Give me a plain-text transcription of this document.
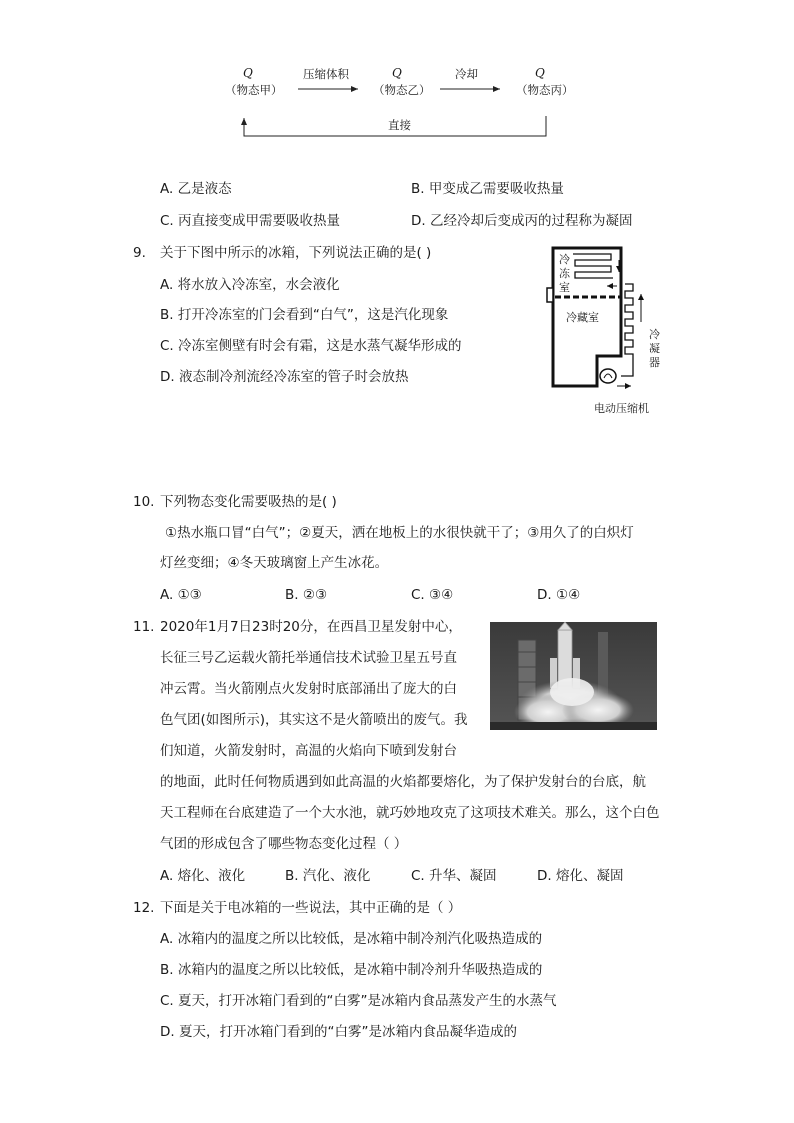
Q
（物态甲）
压缩体积	Q
（物态乙）
冷却	Q
（物态丙）
直接
A. 乙是液态	B. 甲变成乙需要吸收热量
C. 丙直接变成甲需要吸收热量	D. 乙经冷却后变成丙的过程称为凝固
9. 关于下图中所示的冰箱，下列说法正确的是( )
A. 将水放入冷冻室，水会液化
B. 打开冷冻室的门会看到“白气”，这是汽化现象
C. 冷冻室侧壁有时会有霜，这是水蒸气凝华形成的
D. 液态制冷剂流经冷冻室的管子时会放热
冷
冻
室
冷藏室
冷
凝
器
电动压缩机
10. 下列物态变化需要吸热的是( )
①热水瓶口冒“白气”；②夏天，洒在地板上的水很快就干了；③用久了的白炽灯
灯丝变细；④冬天玻璃窗上产生冰花。
A. ①③	B. ②③	C. ③④	D. ①④
11. 2020年1月7日23时20分，在西昌卫星发射中心，
长征三号乙运载火箭托举通信技术试验卫星五号直
冲云霄。当火箭刚点火发射时底部涌出了庞大的白
色气团(如图所示)，其实这不是火箭喷出的废气。我
们知道，火箭发射时，高温的火焰向下喷到发射台
的地面，此时任何物质遇到如此高温的火焰都要熔化，为了保护发射台的台底，航
天工程师在台底建造了一个大水池，就巧妙地攻克了这项技术难关。那么，这个白色
气团的形成包含了哪些物态变化过程（ ）
A. 熔化、液化	B. 汽化、液化	C. 升华、凝固	D. 熔化、凝固
12. 下面是关于电冰箱的一些说法，其中正确的是（ ）
A. 冰箱内的温度之所以比较低，是冰箱中制冷剂汽化吸热造成的
B. 冰箱内的温度之所以比较低，是冰箱中制冷剂升华吸热造成的
C. 夏天，打开冰箱门看到的“白雾”是冰箱内食品蒸发产生的水蒸气
D. 夏天，打开冰箱门看到的“白雾”是冰箱内食品凝华造成的
